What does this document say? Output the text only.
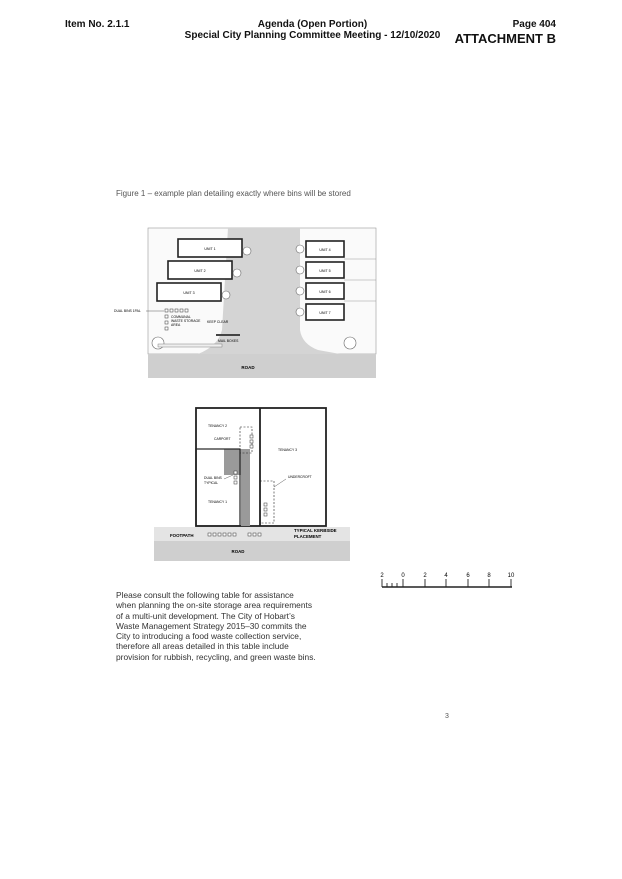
Item No. 2.1.1	Agenda (Open Portion)
Special City Planning Committee Meeting - 12/10/2020
Page 404
ATTACHMENT B
Figure 1 – example plan detailing exactly where bins will be stored
ROAD
UNIT 1
UNIT 2
UNIT 3
UNIT 4
UNIT 5
UNIT 6
UNIT 7
DUAL BINS 1PAL
COMMUNAL
WASTE STORAGE
AREA
KEEP CLEAR
MAIL BOXES
TENANCY 2
CARPORT
TENANCY 3
UNDERCROFT
DUAL BINS
TYPICAL
TENANCY 1
FOOTPATH
TYPICAL KERBSIDE
PLACEMENT
ROAD
2	0	2	4	6	8	10
Please consult the following table for assistance when planning the on-site storage area requirements of a multi-unit development. The City of Hobart’s Waste Management Strategy 2015–30 commits the City to introducing a food waste collection service, therefore all areas detailed in this table include provision for rubbish, recycling, and green waste bins.
3
